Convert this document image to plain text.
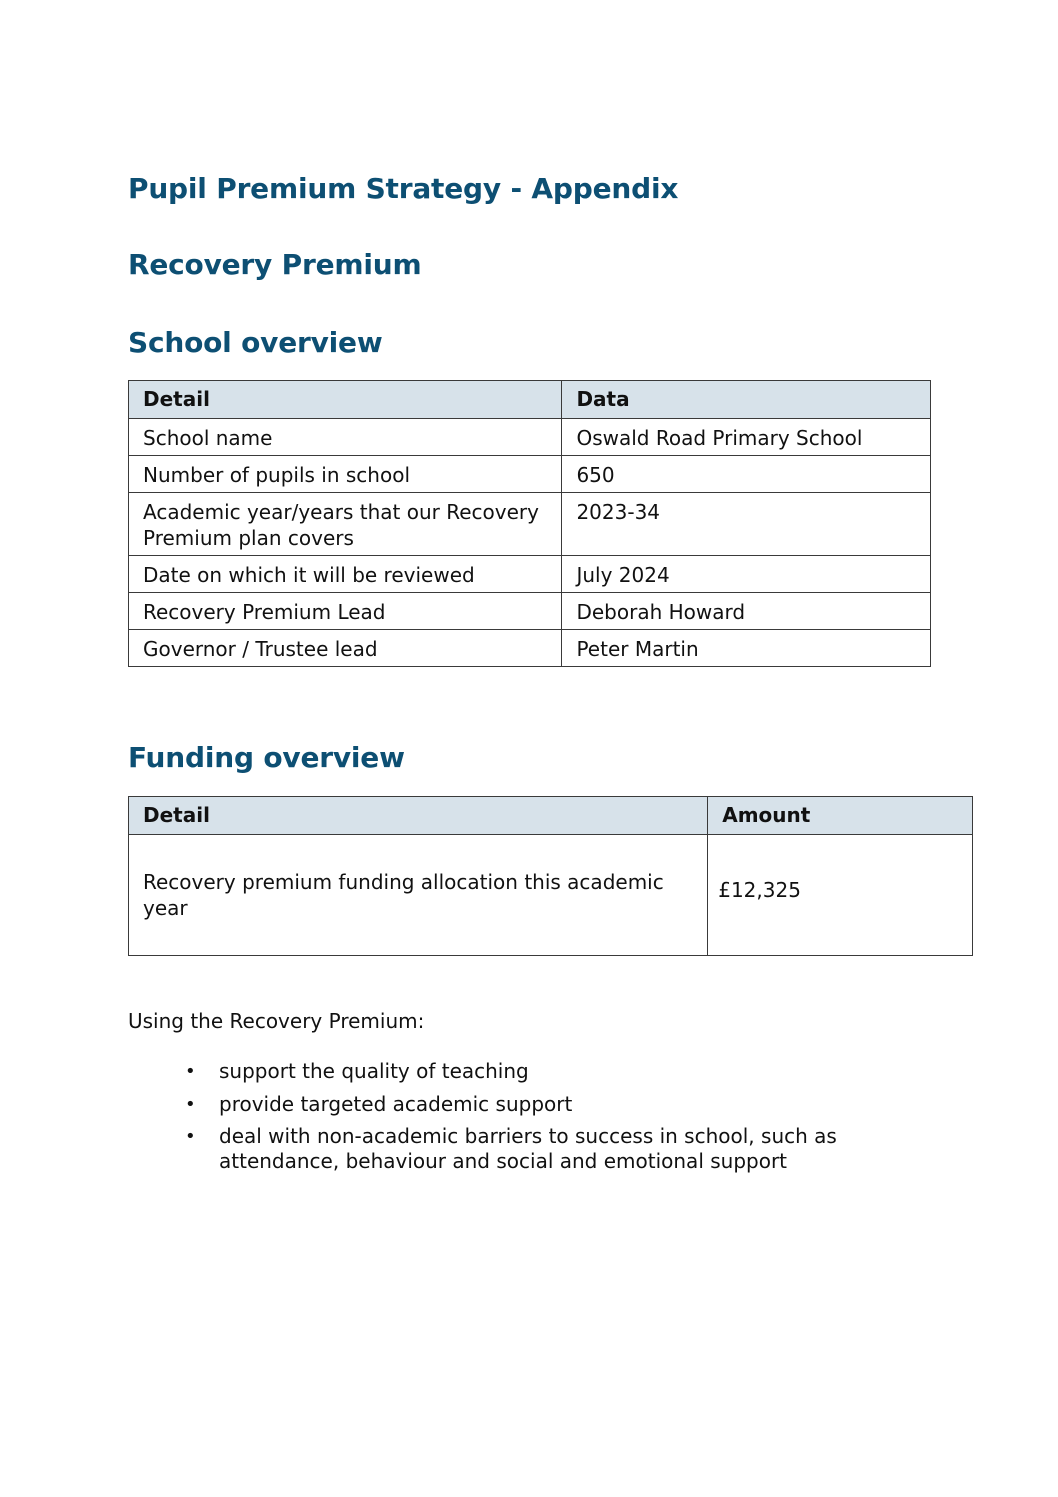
Pupil Premium Strategy - Appendix
Recovery Premium
School overview
Detail	Data
School name	Oswald Road Primary School
Number of pupils in school	650
Academic year/years that our Recovery Premium plan covers	2023-34
Date on which it will be reviewed	July 2024
Recovery Premium Lead	Deborah Howard
Governor / Trustee lead	Peter Martin
Funding overview
Detail	Amount
Recovery premium funding allocation this academic year	£12,325

Using the Recovery Premium:

• support the quality of teaching
• provide targeted academic support
• deal with non-academic barriers to success in school, such as attendance, behaviour and social and emotional support
